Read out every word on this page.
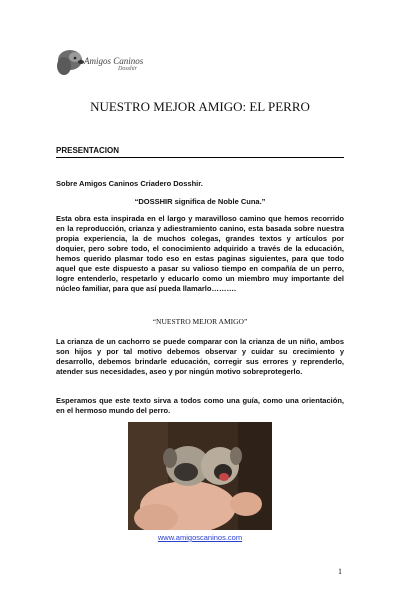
Amigos Caninos
Dosshir
NUESTRO MEJOR AMIGO: EL PERRO
PRESENTACION
Sobre Amigos Caninos Criadero Dosshir.
“DOSSHIR significa de Noble Cuna.”

Esta obra esta inspirada en el largo y maravilloso camino que hemos recorrido en la reproducción, crianza y adiestramiento canino, esta basada sobre nuestra propia experiencia, la de muchos colegas, grandes textos y artículos por doquier, pero sobre todo, el conocimiento adquirido a través de la educación, hemos querido plasmar todo eso en estas paginas siguientes, para que todo aquel que este dispuesto a pasar su valioso tiempo en compañía de un perro, logre entenderlo, respetarlo y educarlo como un miembro muy importante del núcleo familiar, para que así pueda llamarlo……….

“NUESTRO MEJOR AMIGO”

La crianza de un cachorro se puede comparar con la crianza de un niño, ambos son hijos y por tal motivo debemos observar y cuidar su crecimiento y desarrollo, debemos brindarle educación, corregir sus errores y reprenderlo, atender sus necesidades, aseo y por ningún motivo sobreprotegerlo.

Esperamos que este texto sirva a todos como una guía, como una orientación, en el hermoso mundo del perro.

www.amigoscaninos.com
1
